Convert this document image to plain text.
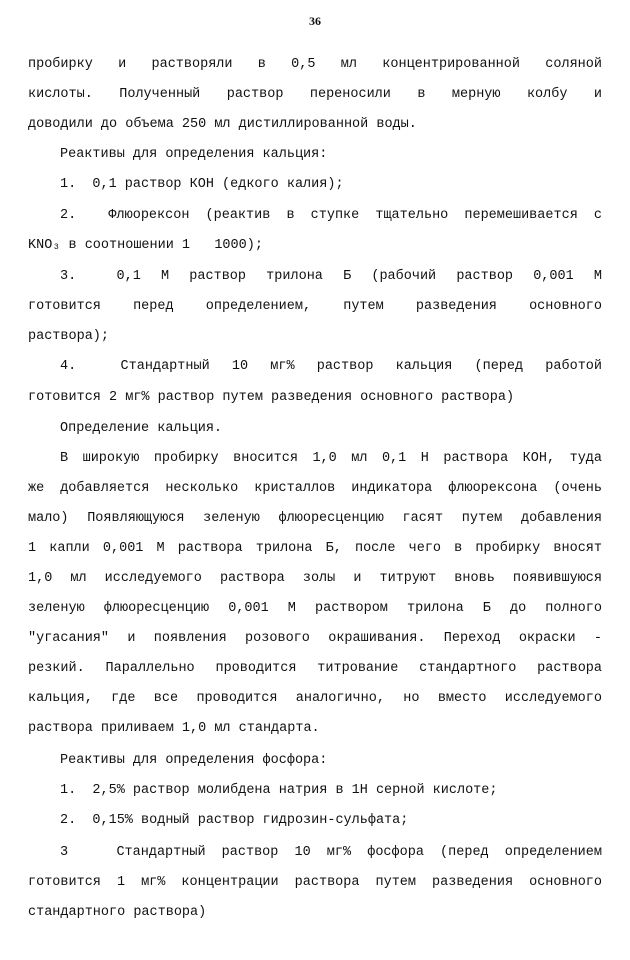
36
пробирку и растворяли в 0,5 мл концентрированной соляной
кислоты. Полученный раствор переносили в мерную колбу и
доводили до объема 250 мл дистиллированной воды.
Реактивы для определения кальция:
1.  0,1 раствор КОН (едкого калия);
2.  Флюорексон (реактив в ступке тщательно перемешивается с
KNO₃ в соотношении 1   1000);
3.  0,1 М раствор трилона Б (рабочий раствор 0,001 М
готовится перед определением, путем разведения основного
раствора);
4.  Стандартный 10 мг% раствор кальция (перед работой
готовится 2 мг% раствор путем разведения основного раствора)
Определение кальция.
В широкую пробирку вносится 1,0 мл 0,1 Н раствора КОН, туда
же добавляется несколько кристаллов индикатора флюорексона (очень
мало) Появляющуюся зеленую флюоресценцию гасят путем добавления
1 капли 0,001 М раствора трилона Б, после чего в пробирку вносят
1,0 мл исследуемого раствора золы и титруют вновь появившуюся
зеленую флюоресценцию 0,001 М раствором трилона Б до полного
"угасания" и появления розового окрашивания. Переход окраски -
резкий. Параллельно проводится титрование стандартного раствора
кальция, где все проводится аналогично, но вместо исследуемого
раствора приливаем 1,0 мл стандарта.
Реактивы для определения фосфора:
1.  2,5% раствор молибдена натрия в 1Н серной кислоте;
2.  0,15% водный раствор гидрозин-сульфата;
3   Стандартный раствор 10 мг% фосфора (перед определением
готовится 1 мг% концентрации раствора путем разведения основного
стандартного раствора)
